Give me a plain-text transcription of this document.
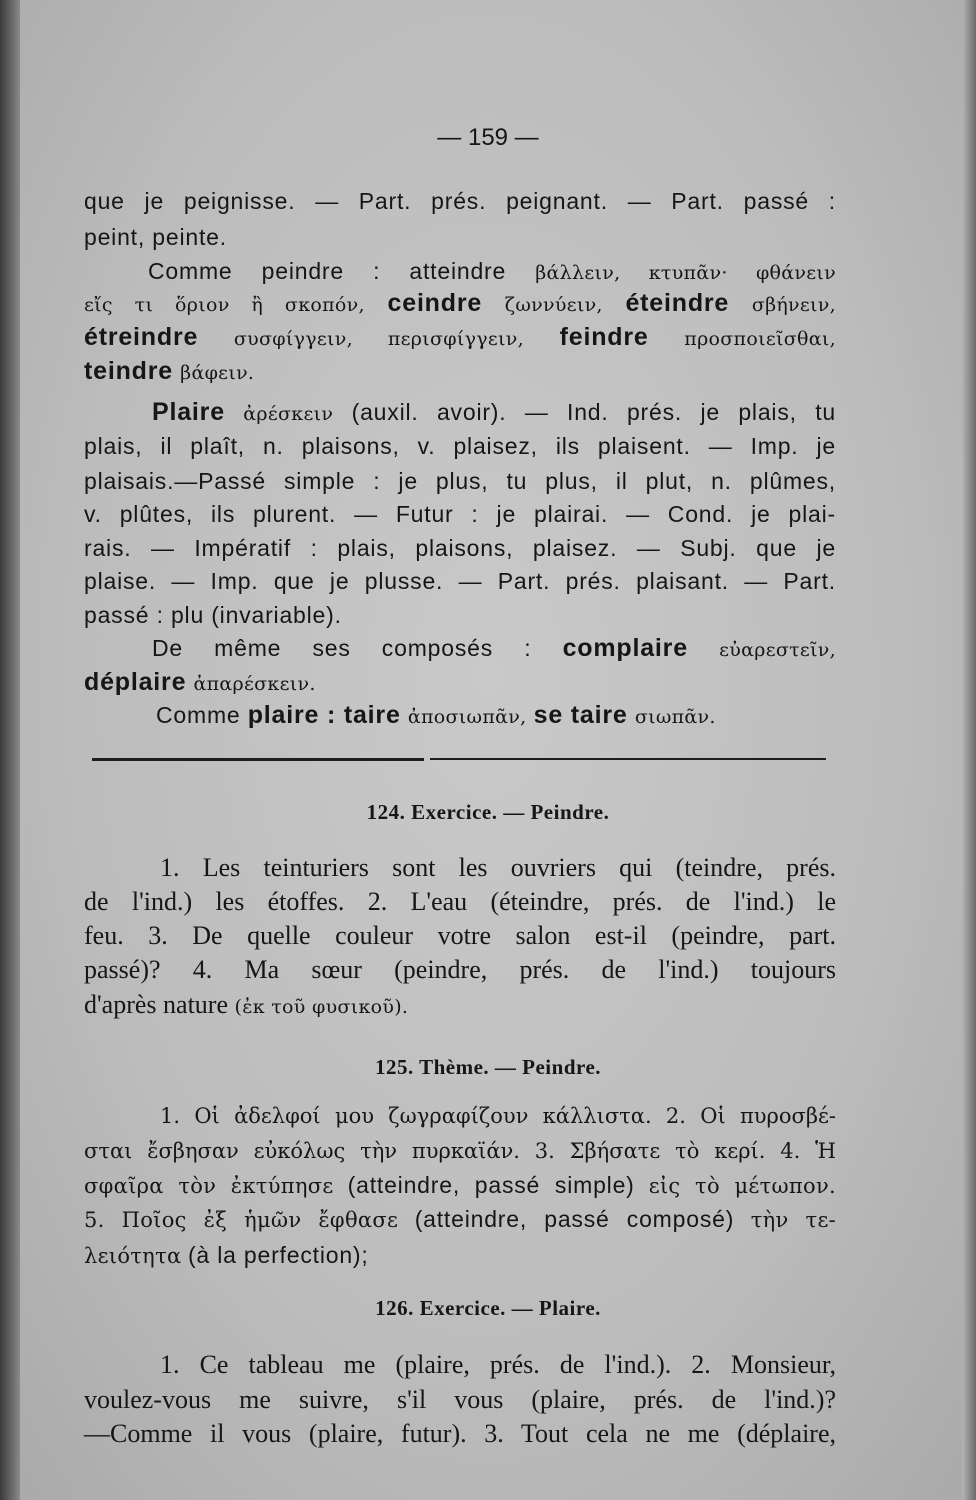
— 159 —
que je peignisse. — Part. prés. peignant. — Part. passé :
peint, peinte.
Comme peindre : atteindre βάλλειν, κτυπᾶν· φθάνειν
εἴς τι ὅριον ἢ σκοπόν, ceindre ζωννύειν, éteindre σβήνειν,
étreindre συσφίγγειν, περισφίγγειν, feindre προσποιεῖσθαι,
teindre βάφειν.
Plaire ἀρέσκειν (auxil. avoir). — Ind. prés. je plais, tu
plais, il plaît, n. plaisons, v. plaisez, ils plaisent. — Imp. je
plaisais.—Passé simple : je plus, tu plus, il plut, n. plûmes,
v. plûtes, ils plurent. — Futur : je plairai. — Cond. je plai-
rais. — Impératif : plais, plaisons, plaisez. — Subj. que je
plaise. — Imp. que je plusse. — Part. prés. plaisant. — Part.
passé : plu (invariable).
De même ses composés : complaire εὐαρεστεῖν,
déplaire ἀπαρέσκειν.
Comme plaire : taire ἀποσιωπᾶν, se taire σιωπᾶν.
124. Exercice. — Peindre.
1. Les teinturiers sont les ouvriers qui (teindre, prés.
de l'ind.) les étoffes. 2. L'eau (éteindre, prés. de l'ind.) le
feu. 3. De quelle couleur votre salon est-il (peindre, part.
passé)? 4. Ma sœur (peindre, prés. de l'ind.) toujours
d'après nature (ἐκ τοῦ φυσικοῦ).
125. Thème. — Peindre.
1. Οἱ ἀδελφοί μου ζωγραφίζουν κάλλιστα. 2. Οἱ πυροσβέ-
σται ἔσβησαν εὐκόλως τὴν πυρκαϊάν. 3. Σβήσατε τὸ κερί. 4. Ἡ
σφαῖρα τὸν ἐκτύπησε (atteindre, passé simple) εἰς τὸ μέτωπον.
5. Ποῖος ἐξ ἡμῶν ἔφθασε (atteindre, passé composé) τὴν τε-
λειότητα (à la perfection);
126. Exercice. — Plaire.
1. Ce tableau me (plaire, prés. de l'ind.). 2. Monsieur,
voulez-vous me suivre, s'il vous (plaire, prés. de l'ind.)?
—Comme il vous (plaire, futur). 3. Tout cela ne me (déplaire,
